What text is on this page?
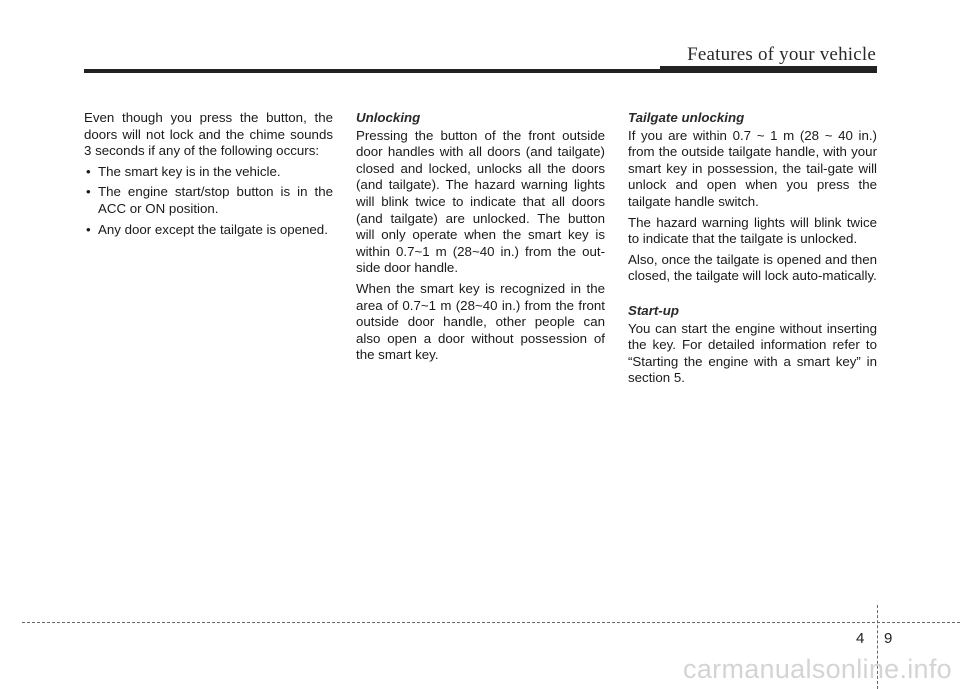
Features of your vehicle

Even though you press the button, the doors will not lock and the chime sounds 3 seconds if any of the following occurs:

• The smart key is in the vehicle.
• The engine start/stop button is in the ACC or ON position.
• Any door except the tailgate is opened.
Unlocking

Pressing the button of the front outside door handles with all doors (and tailgate) closed and locked, unlocks all the doors (and tailgate). The hazard warning lights will blink twice to indicate that all doors (and tailgate) are unlocked. The button will only operate when the smart key is within 0.7~1 m (28~40 in.) from the out-side door handle.

When the smart key is recognized in the area of 0.7~1 m (28~40 in.) from the front outside door handle, other people can also open a door without possession of the smart key.

Tailgate unlocking

If you are within 0.7 ~ 1 m (28 ~ 40 in.) from the outside tailgate handle, with your smart key in possession, the tail-gate will unlock and open when you press the tailgate handle switch.

The hazard warning lights will blink twice to indicate that the tailgate is unlocked.

Also, once the tailgate is opened and then closed, the tailgate will lock auto-matically.

Start-up

You can start the engine without inserting the key. For detailed information refer to “Starting the engine with a smart key” in section 5.

4 9
carmanualsonline.info
